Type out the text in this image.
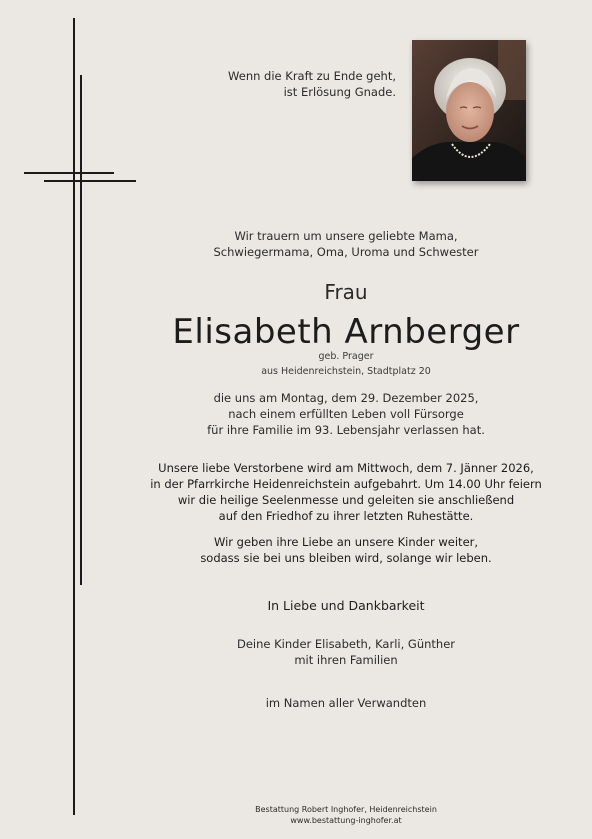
Wenn die Kraft zu Ende geht,
ist Erlösung Gnade.
Wir trauern um unsere geliebte Mama,
Schwiegermama, Oma, Uroma und Schwester
Frau
Elisabeth Arnberger
geb. Prager
aus Heidenreichstein, Stadtplatz 20
die uns am Montag, dem 29. Dezember 2025,
nach einem erfüllten Leben voll Fürsorge
für ihre Familie im 93. Lebensjahr verlassen hat.
Unsere liebe Verstorbene wird am Mittwoch, dem 7. Jänner 2026,
in der Pfarrkirche Heidenreichstein aufgebahrt. Um 14.00 Uhr feiern
wir die heilige Seelenmesse und geleiten sie anschließend
auf den Friedhof zu ihrer letzten Ruhestätte.
Wir geben ihre Liebe an unsere Kinder weiter,
sodass sie bei uns bleiben wird, solange wir leben.
In Liebe und Dankbarkeit
Deine Kinder Elisabeth, Karli, Günther
mit ihren Familien
im Namen aller Verwandten
Bestattung Robert Inghofer, Heidenreichstein
www.bestattung-inghofer.at
